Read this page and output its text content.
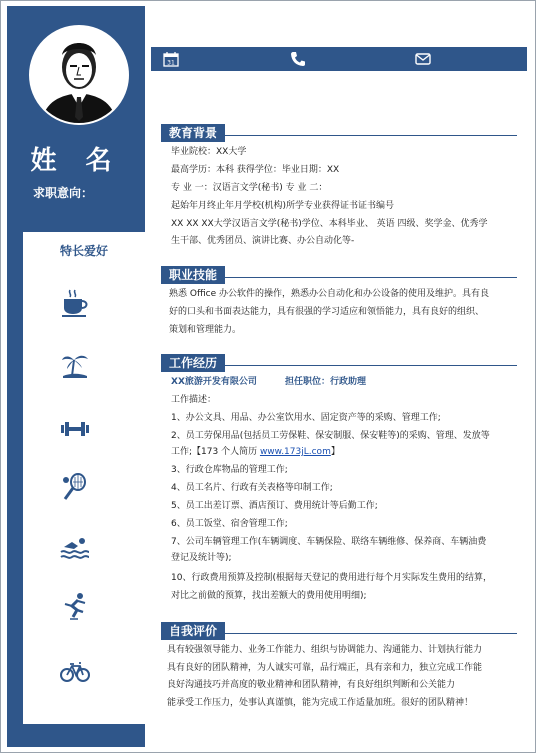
姓 名
求职意向：
特长爱好
31
教育背景
毕业院校：XX大学
最高学历：本科 获得学位：毕业日期：XX
专 业 一：汉语言文学(秘书) 专 业 二：
起始年月终止年月学校(机构)所学专业获得证书证书编号
XX XX XX大学汉语言文学(秘书)学位、本科毕业、 英语 四级、奖学金、优秀学
生干部、优秀团员、演讲比赛、办公自动化等-
职业技能
熟悉 Office 办公软件的操作，熟悉办公自动化和办公设备的使用及维护。具有良
好的口头和书面表达能力，具有很强的学习适应和领悟能力，具有良好的组织、
策划和管理能力。
工作经历
XX旅游开发有限公司	担任职位：行政助理
工作描述：
1、办公文具、用品、办公室饮用水、固定资产等的采购、管理工作;
2、员工劳保用品(包括员工劳保鞋、保安制服、保安鞋等)的采购、管理、发放等
工作;【173 个人简历 www.173jL.com】
3、行政仓库物品的管理工作;
4、员工名片、行政有关表格等印制工作;
5、员工出差订票、酒店预订、费用统计等后勤工作;
6、员工饭堂、宿舍管理工作;
7、公司车辆管理工作(车辆调度、车辆保险、联络车辆维修、保养商、车辆油费
登记及统计等);
10、行政费用预算及控制(根据每天登记的费用进行每个月实际发生费用的结算，
对比之前做的预算，找出差额大的费用使用明细);
自我评价
具有较强领导能力、业务工作能力、组织与协调能力、沟通能力、计划执行能力
具有良好的团队精神，为人诚实可靠，品行端正，具有亲和力，独立完成工作能
良好沟通技巧并高度的敬业精神和团队精神，有良好组织判断和公关能力
能承受工作压力，处事认真谨慎，能为完成工作适量加班。很好的团队精神！
